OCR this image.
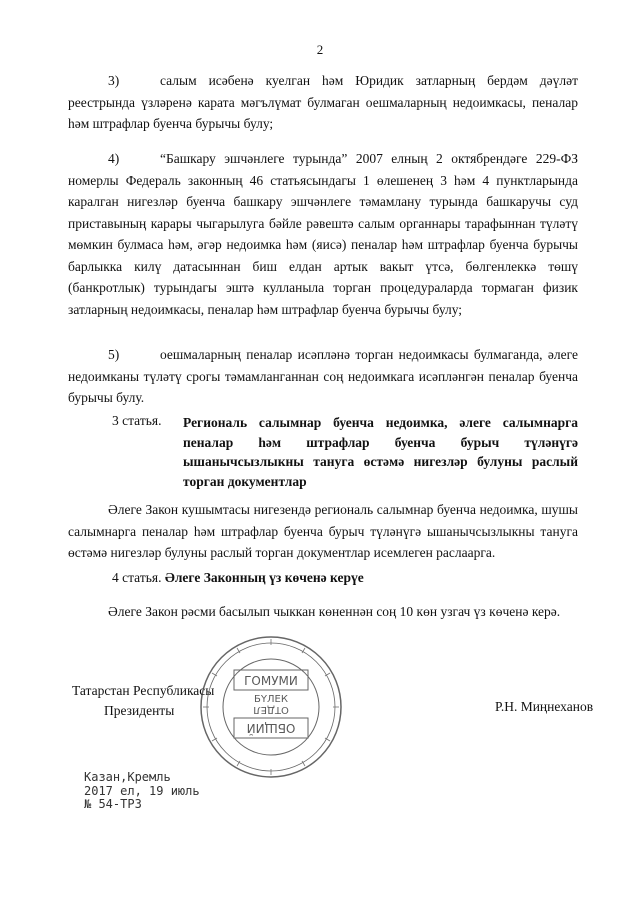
2

3)	салым исәбенә куелган һәм Юридик затларның бердәм дәүләт реестрында үзләренә карата мәгълүмат булмаган оешмаларның недоимкасы, пеналар һәм штрафлар буенча бурычы булу;

4)	“Башкару эшчәнлеге турында” 2007 елның 2 октябрендәге 229-ФЗ номерлы Федераль законның 46 статьясындагы 1 өлешенең 3 һәм 4 пунктларында каралган нигезләр буенча башкару эшчәнлеге тәмамлану турында башкаручы суд приставының карары чыгарылуга бәйле рәвештә салым органнары тарафыннан түләтү мөмкин булмаса һәм, әгәр недоимка һәм (яисә) пеналар һәм штрафлар буенча бурычы барлыкка килү датасыннан биш елдан артык вакыт үтсә, бөлгенлеккә төшү (банкротлык) турындагы эштә кулланыла торган процедураларда тормаган физик затларның недоимкасы, пеналар һәм штрафлар буенча бурычы булу;

5)	оешмаларның пеналар исәпләнә торган недоимкасы булмаганда, әлеге недоимканы түләтү срогы тәмамланганнан соң недоимкага исәпләнгән пеналар буенча бурычы булу.

3 статья. Региональ салымнар буенча недоимка, әлеге салымнарга пеналар һәм штрафлар буенча бурыч түләнүгә ышанычсызлыкны тануга өстәмә нигезләр булуны раслый торган документлар

Әлеге Закон кушымтасы нигезендә региональ салымнар буенча недоимка, шушы салымнарга пеналар һәм штрафлар буенча бурыч түләнүгә ышанычсызлыкны тануга өстәмә нигезләр булуны раслый торган документлар исемлеген раслаарга.

4 статья. Әлеге Законның үз көченә керүе

Әлеге Закон рәсми басылып чыккан көненнән соң 10 көн узгач үз көченә керә.

Татарстан Республикасы
Президенты	Р.Н. Миңнеханов
ГОМУМИ
БҮЛЕК
ОТДЕЛ
ОБЩИЙ
Казан,Кремль
2017 ел, 19 июль
№ 54-ТРЗ
